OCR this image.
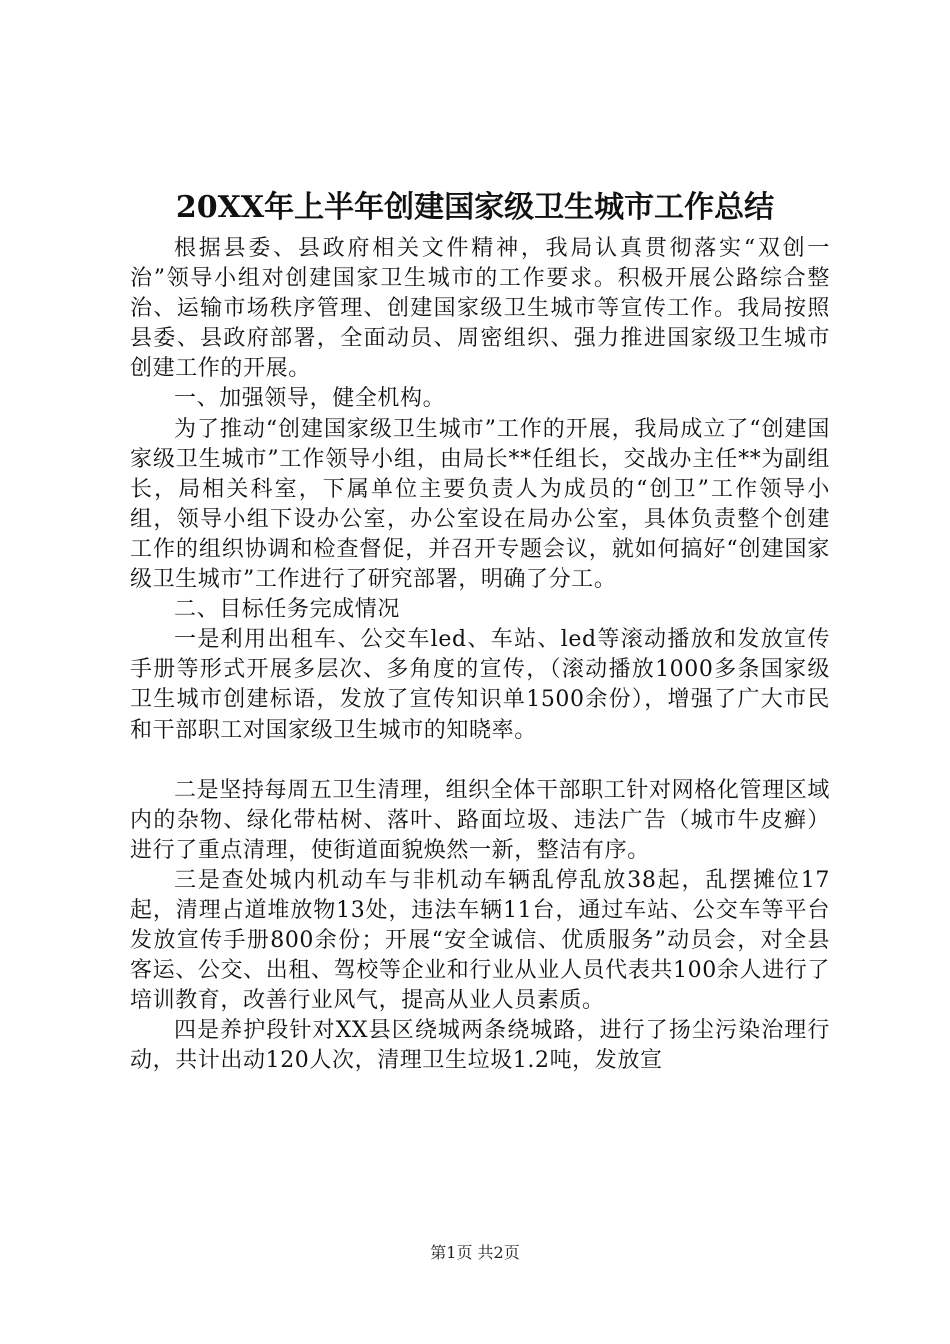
20XX年上半年创建国家级卫生城市工作总结

根据县委、县政府相关文件精神，我局认真贯彻落实“双创一治”领导小组对创建国家卫生城市的工作要求。积极开展公路综合整治、运输市场秩序管理、创建国家级卫生城市等宣传工作。我局按照县委、县政府部署，全面动员、周密组织、强力推进国家级卫生城市创建工作的开展。

一、加强领导，健全机构。

为了推动“创建国家级卫生城市”工作的开展，我局成立了“创建国家级卫生城市”工作领导小组，由局长**任组长，交战办主任**为副组长，局相关科室，下属单位主要负责人为成员的“创卫”工作领导小组，领导小组下设办公室，办公室设在局办公室，具体负责整个创建工作的组织协调和检查督促，并召开专题会议，就如何搞好“创建国家级卫生城市”工作进行了研究部署，明确了分工。

二、目标任务完成情况

一是利用出租车、公交车led、车站、led等滚动播放和发放宣传手册等形式开展多层次、多角度的宣传，（滚动播放1000多条国家级卫生城市创建标语，发放了宣传知识单1500余份），增强了广大市民和干部职工对国家级卫生城市的知晓率。

二是坚持每周五卫生清理，组织全体干部职工针对网格化管理区域内的杂物、绿化带枯树、落叶、路面垃圾、违法广告（城市牛皮癣）进行了重点清理，使街道面貌焕然一新，整洁有序。

三是查处城内机动车与非机动车辆乱停乱放38起，乱摆摊位17起，清理占道堆放物13处，违法车辆11台，通过车站、公交车等平台发放宣传手册800余份；开展“安全诚信、优质服务”动员会，对全县客运、公交、出租、驾校等企业和行业从业人员代表共100余人进行了培训教育，改善行业风气，提高从业人员素质。

四是养护段针对XX县区绕城两条绕城路，进行了扬尘污染治理行动，共计出动120人次，清理卫生垃圾1.2吨，发放宣

第1页 共2页
